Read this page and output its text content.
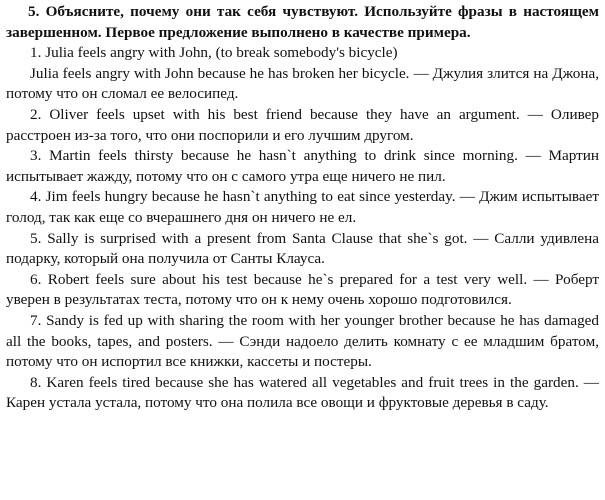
5. Объясните, почему они так себя чувствуют. Используйте фразы в настоящем завершенном. Первое предложение выполнено в качестве примера.

1. Julia feels angry with John, (to break somebody's bicycle)

Julia feels angry with John because he has broken her bicycle. — Джулия злится на Джона, потому что он сломал ее велосипед.

2. Oliver feels upset with his best friend because they have an argument. — Оливер расстроен из-за того, что они поспорили и его лучшим другом.

3. Martin feels thirsty because he hasn`t anything to drink since morning. — Мартин испытывает жажду, потому что он с самого утра еще ничего не пил.

4. Jim feels hungry because he hasn`t anything to eat since yesterday. — Джим испытывает голод, так как еще со вчерашнего дня он ничего не ел.

5. Sally is surprised with a present from Santa Clause that she`s got. — Салли удивлена подарку, который она получила от Санты Клауса.

6. Robert feels sure about his test because he`s prepared for a test very well. — Роберт уверен в результатах теста, потому что он к нему очень хорошо подготовился.

7. Sandy is fed up with sharing the room with her younger brother because he has damaged all the books, tapes, and posters. — Сэнди надоело делить комнату с ее младшим братом, потому что он испортил все книжки, кассеты и постеры.

8. Karen feels tired because she has watered all vegetables and fruit trees in the garden. — Карен устала устала, потому что она полила все овощи и фруктовые деревья в саду.
